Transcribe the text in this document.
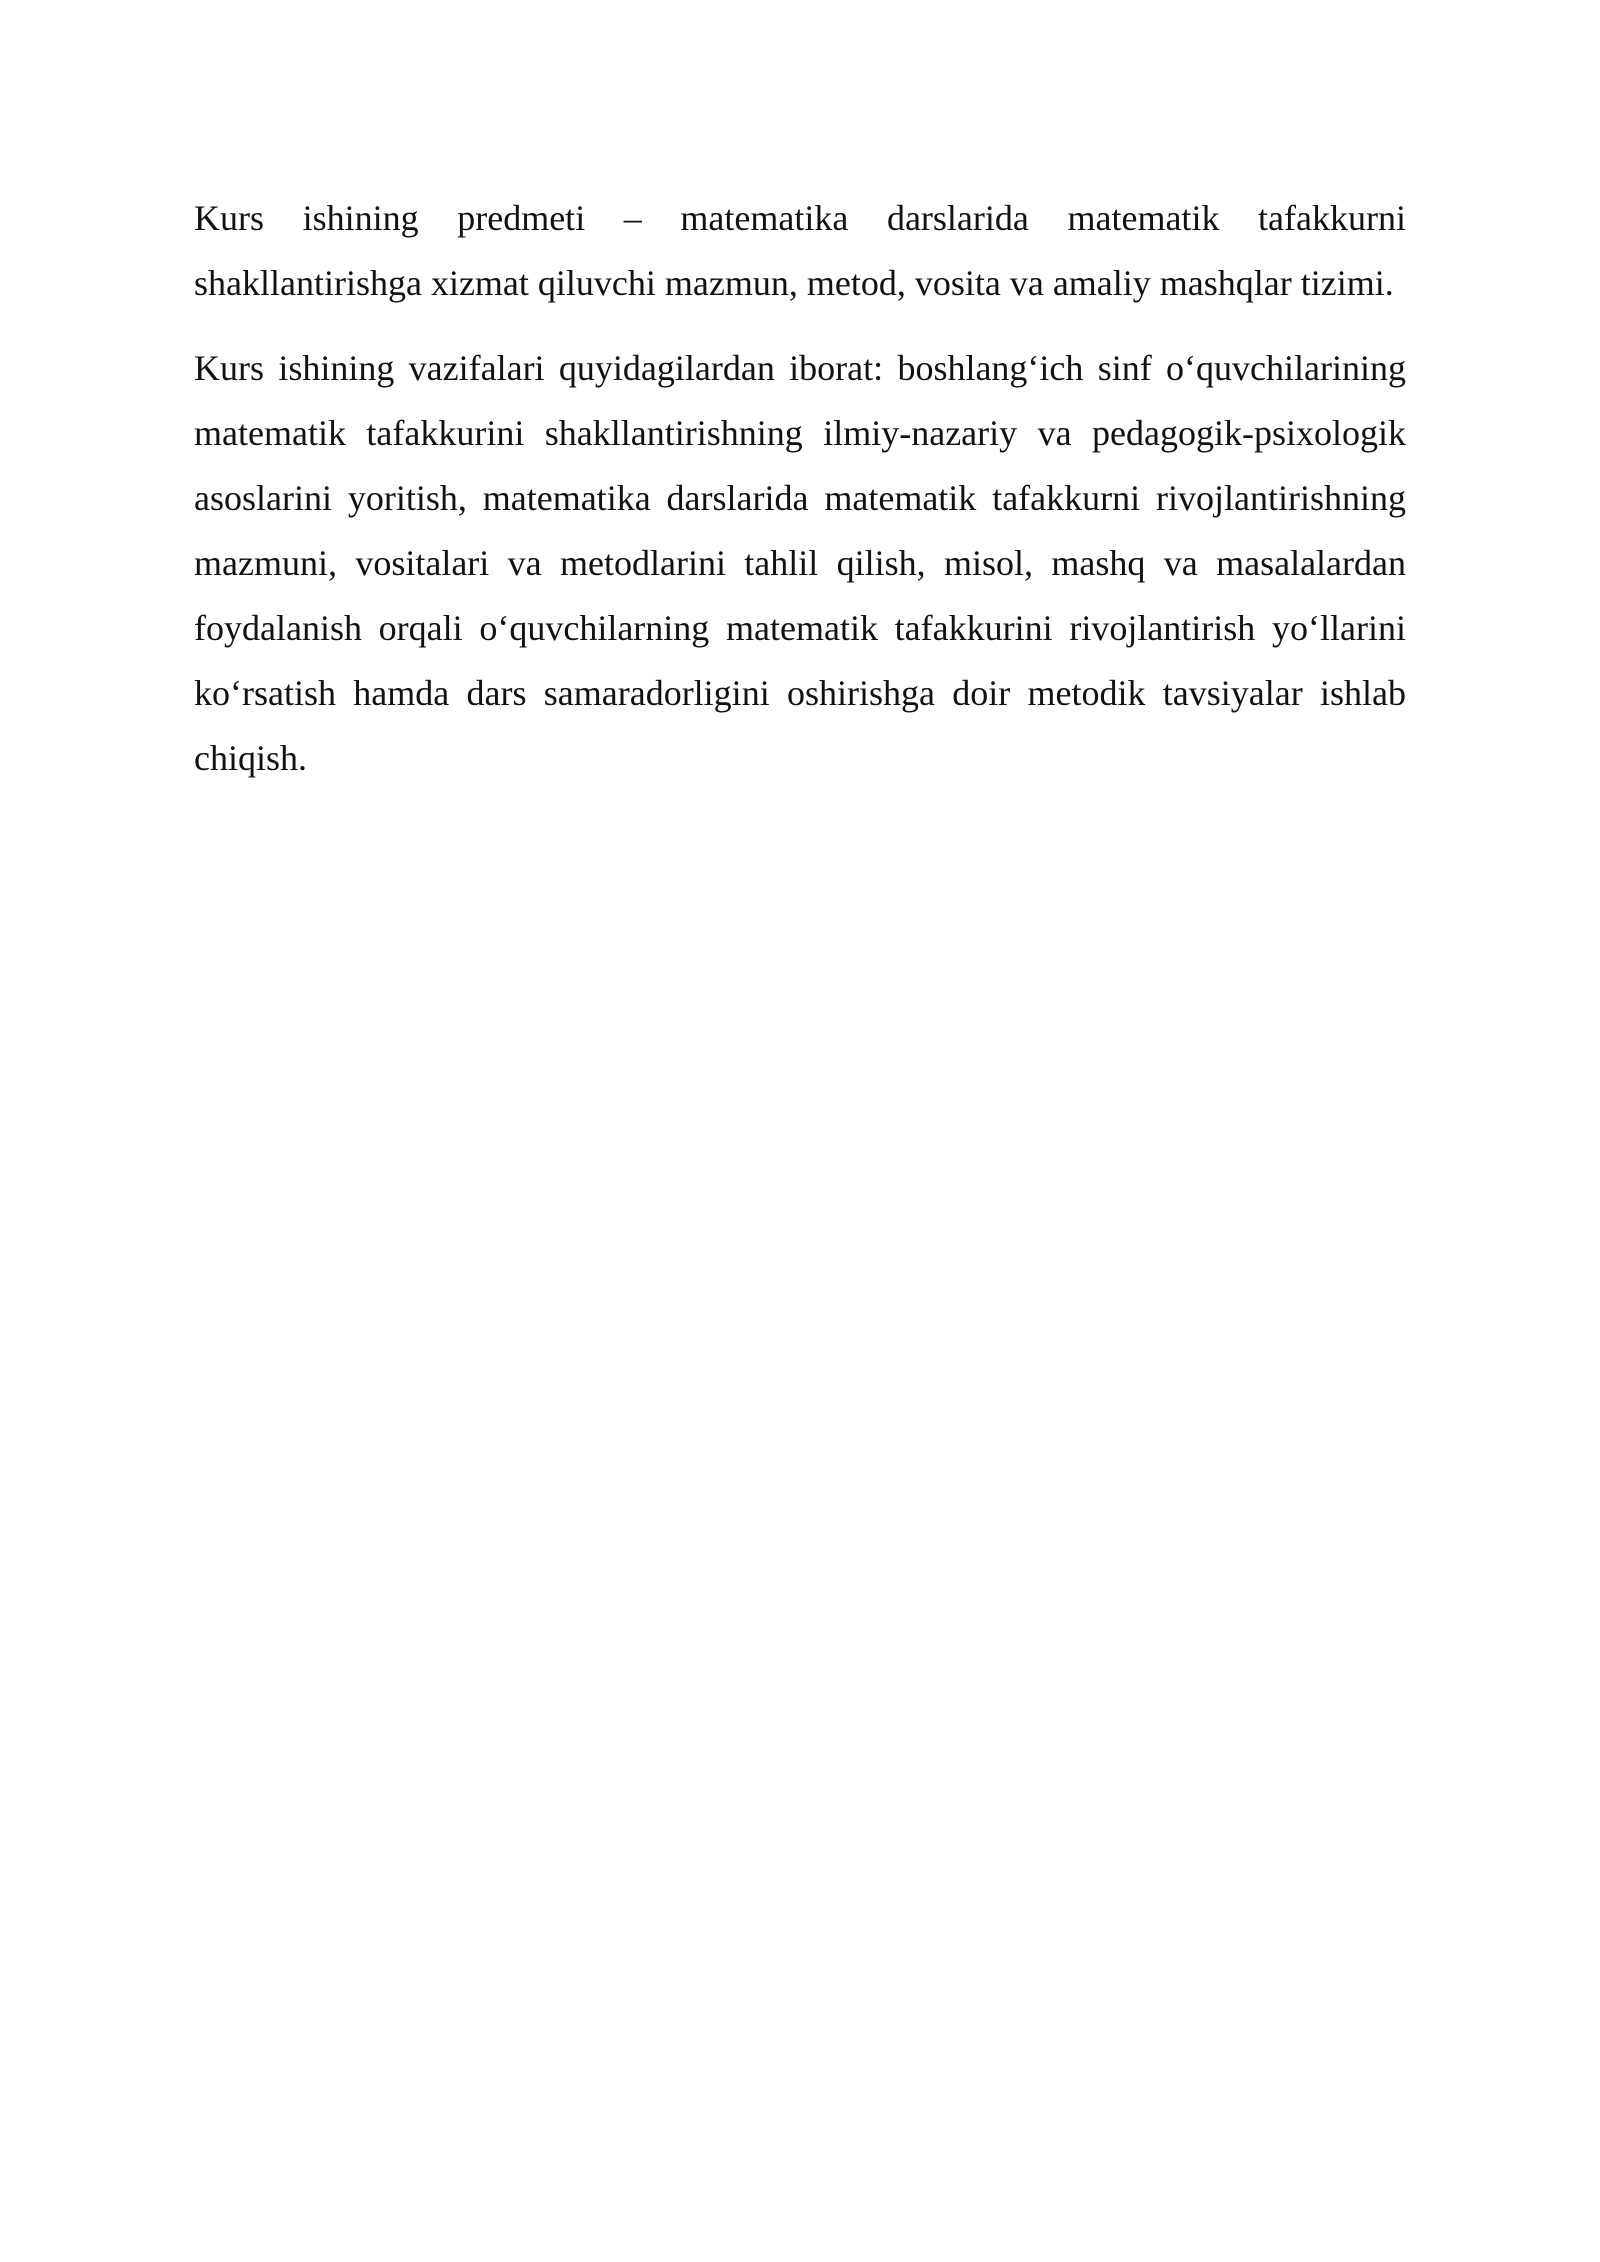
Kurs ishining predmeti – matematika darslarida matematik tafakkurni shakllantirishga xizmat qiluvchi mazmun, metod, vosita va amaliy mashqlar tizimi.

Kurs ishining vazifalari quyidagilardan iborat: boshlang‘ich sinf o‘quvchilarining matematik tafakkurini shakllantirishning ilmiy-nazariy va pedagogik-psixologik asoslarini yoritish, matematika darslarida matematik tafakkurni rivojlantirishning mazmuni, vositalari va metodlarini tahlil qilish, misol, mashq va masalalardan foydalanish orqali o‘quvchilarning matematik tafakkurini rivojlantirish yo‘llarini ko‘rsatish hamda dars samaradorligini oshirishga doir metodik tavsiyalar ishlab chiqish.
